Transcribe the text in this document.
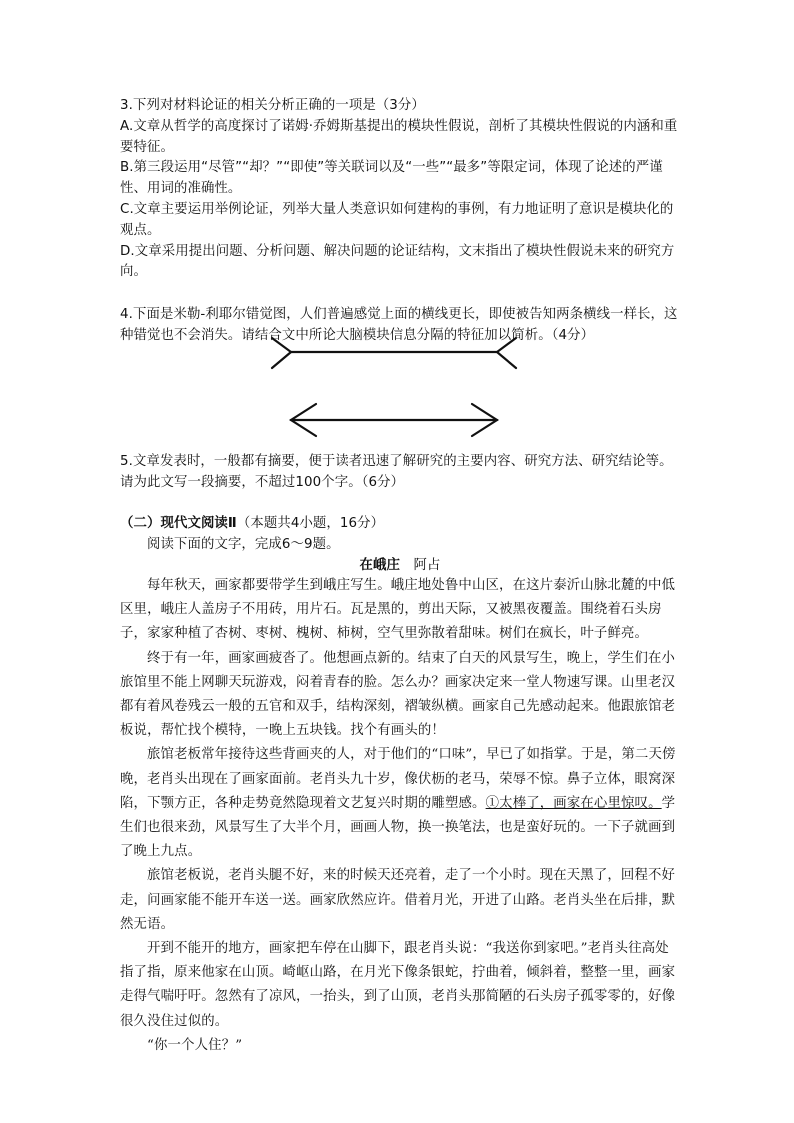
3.下列对材料论证的相关分析正确的一项是（3分）

A.文章从哲学的高度探讨了诺姆·乔姆斯基提出的模块性假说，剖析了其模块性假说的内涵和重要特征。

B.第三段运用“尽管”“却？”“即使”等关联词以及“一些”“最多”等限定词，体现了论述的严谨性、用词的准确性。

C.文章主要运用举例论证，列举大量人类意识如何建构的事例，有力地证明了意识是模块化的观点。

D.文章采用提出问题、分析问题、解决问题的论证结构，文末指出了模块性假说未来的研究方向。

4.下面是米勒-利耶尔错觉图，人们普遍感觉上面的横线更长，即使被告知两条横线一样长，这种错觉也不会消失。请结合文中所论大脑模块信息分隔的特征加以简析。（4分）

5.文章发表时，一般都有摘要，便于读者迅速了解研究的主要内容、研究方法、研究结论等。请为此文写一段摘要，不超过100个字。（6分）

（二）现代文阅读Ⅱ（本题共4小题，16分）

阅读下面的文字，完成6～9题。

在峨庄  阿占

每年秋天，画家都要带学生到峨庄写生。峨庄地处鲁中山区，在这片泰沂山脉北麓的中低区里，峨庄人盖房子不用砖，用片石。瓦是黑的，剪出天际，又被黑夜覆盖。围绕着石头房子，家家种植了杏树、枣树、槐树、柿树，空气里弥散着甜味。树们在疯长，叶子鲜亮。

终于有一年，画家画疲沓了。他想画点新的。结束了白天的风景写生，晚上，学生们在小旅馆里不能上网聊天玩游戏，闷着青春的脸。怎么办？画家决定来一堂人物速写课。山里老汉都有着风卷残云一般的五官和双手，结构深刻，褶皱纵横。画家自己先感动起来。他跟旅馆老板说，帮忙找个模特，一晚上五块钱。找个有画头的！

旅馆老板常年接待这些背画夹的人，对于他们的“口味”，早已了如指掌。于是，第二天傍晚，老肖头出现在了画家面前。老肖头九十岁，像伏枥的老马，荣辱不惊。鼻子立体，眼窝深陷，下颚方正，各种走势竟然隐现着文艺复兴时期的雕塑感。①太棒了，画家在心里惊叹。学生们也很来劲，风景写生了大半个月，画画人物，换一换笔法，也是蛮好玩的。一下子就画到了晚上九点。

旅馆老板说，老肖头腿不好，来的时候天还亮着，走了一个小时。现在天黑了，回程不好走，问画家能不能开车送一送。画家欣然应许。借着月光，开进了山路。老肖头坐在后排，默然无语。

开到不能开的地方，画家把车停在山脚下，跟老肖头说：“我送你到家吧。”老肖头往高处指了指，原来他家在山顶。崎岖山路，在月光下像条银蛇，拧曲着，倾斜着，整整一里，画家走得气喘吁吁。忽然有了凉风，一抬头，到了山顶，老肖头那简陋的石头房子孤零零的，好像很久没住过似的。

“你一个人住？”
